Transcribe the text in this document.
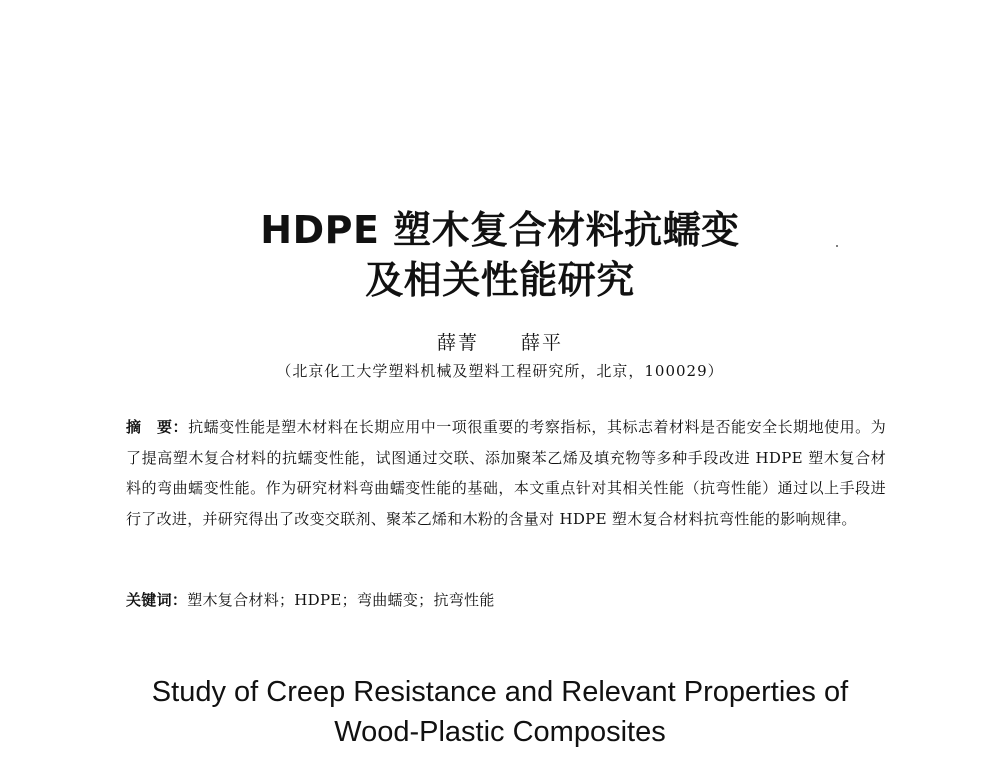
HDPE 塑木复合材料抗蠕变
及相关性能研究
薛菁 薛平
（北京化工大学塑料机械及塑料工程研究所，北京，100029）
摘　要：抗蠕变性能是塑木材料在长期应用中一项很重要的考察指标，其标志着材料是否能安全长期地使用。为了提高塑木复合材料的抗蠕变性能，试图通过交联、添加聚苯乙烯及填充物等多种手段改进 HDPE 塑木复合材料的弯曲蠕变性能。作为研究材料弯曲蠕变性能的基础，本文重点针对其相关性能（抗弯性能）通过以上手段进行了改进，并研究得出了改变交联剂、聚苯乙烯和木粉的含量对 HDPE 塑木复合材料抗弯性能的影响规律。
关键词：塑木复合材料；HDPE；弯曲蠕变；抗弯性能
Study of Creep Resistance and Relevant Properties of
Wood-Plastic Composites
